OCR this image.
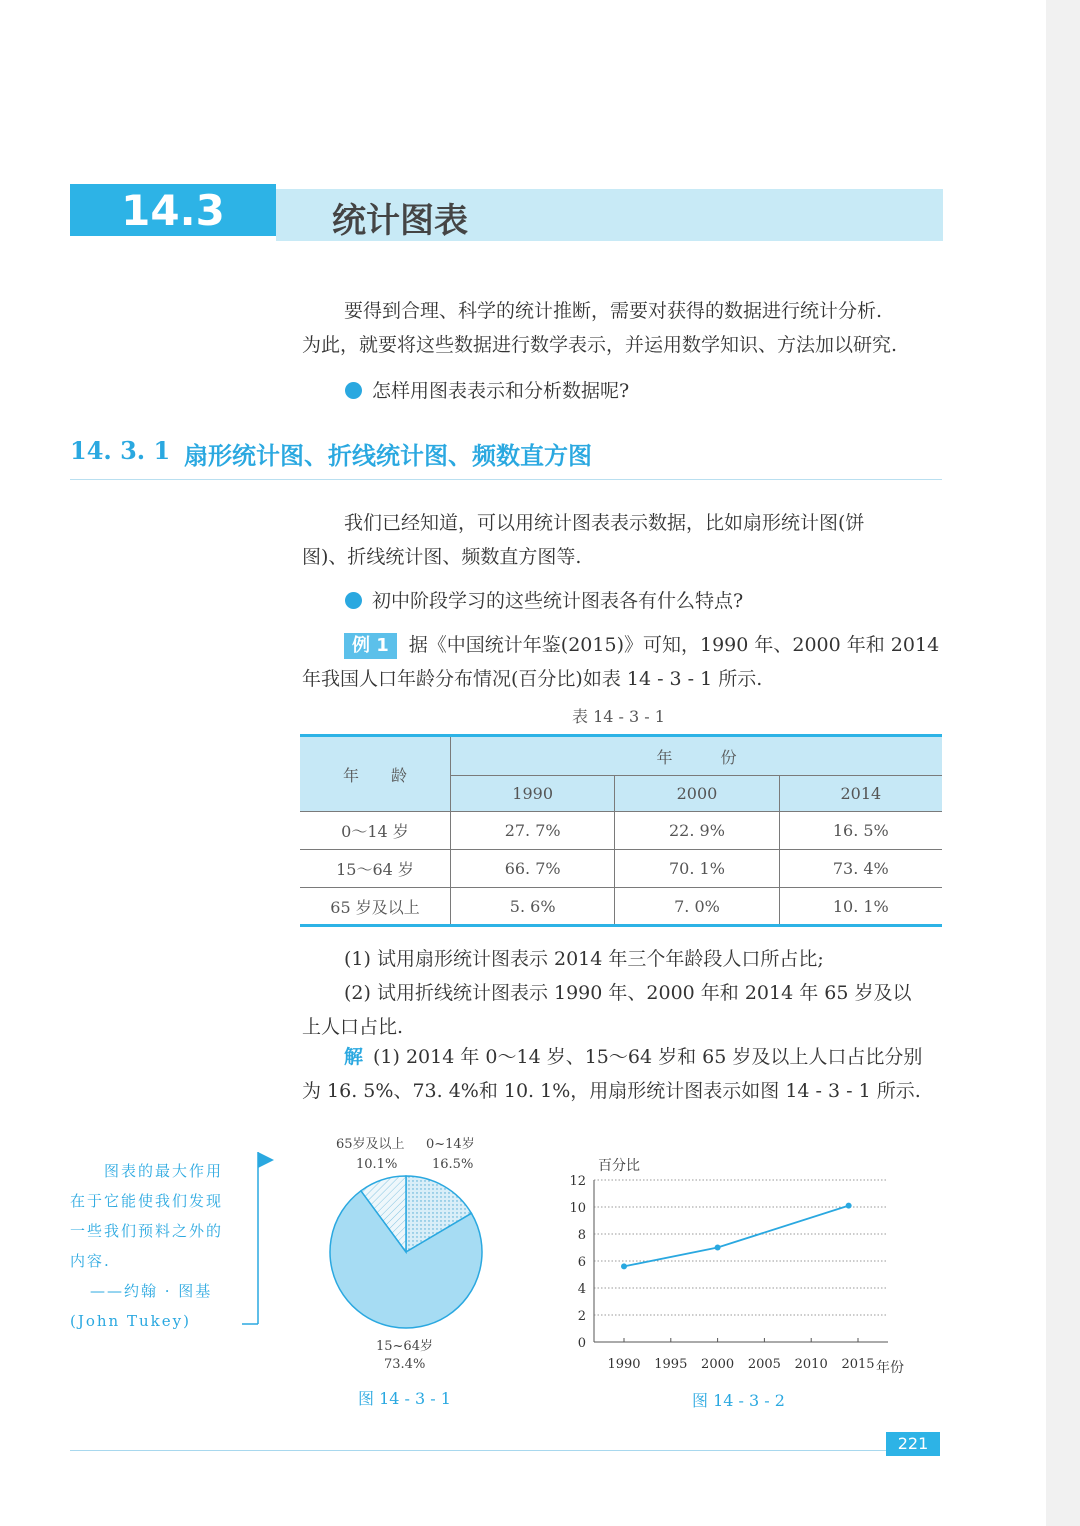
14.3	统计图表
要得到合理、科学的统计推断，需要对获得的数据进行统计分析.
为此，就要将这些数据进行数学表示，并运用数学知识、方法加以研究.
怎样用图表表示和分析数据呢?
14. 3. 1 扇形统计图、折线统计图、频数直方图
我们已经知道，可以用统计图表表示数据，比如扇形统计图(饼
图)、折线统计图、频数直方图等.
初中阶段学习的这些统计图表各有什么特点?
例 1 据《中国统计年鉴(2015)》可知，1990 年、2000 年和 2014
年我国人口年龄分布情况(百分比)如表 14 - 3 - 1 所示.
表 14 - 3 - 1
年　　龄	年　　　份		
	1990	2000	2014
0～14 岁	27. 7%	22. 9%	16. 5%
15～64 岁	66. 7%	70. 1%	73. 4%
65 岁及以上	5. 6%	7. 0%	10. 1%
(1) 试用扇形统计图表示 2014 年三个年龄段人口所占比;
(2) 试用折线统计图表示 1990 年、2000 年和 2014 年 65 岁及以
上人口占比.
解 (1) 2014 年 0～14 岁、15～64 岁和 65 岁及以上人口占比分别
为 16. 5%、73. 4%和 10. 1%，用扇形统计图表示如图 14 - 3 - 1 所示.
　　图表的最大作用
在于它能使我们发现
一些我们预料之外的
内容.
——约翰 · 图基
(John Tukey)
65岁及以上
10.1%
0~14岁
16.5%
15~64岁
73.4%
图 14 - 3 - 1
百分比
0
2
4
6
8
10
12
1990 1995 2000 2005 2010 2015 年份
图 14 - 3 - 2
221
